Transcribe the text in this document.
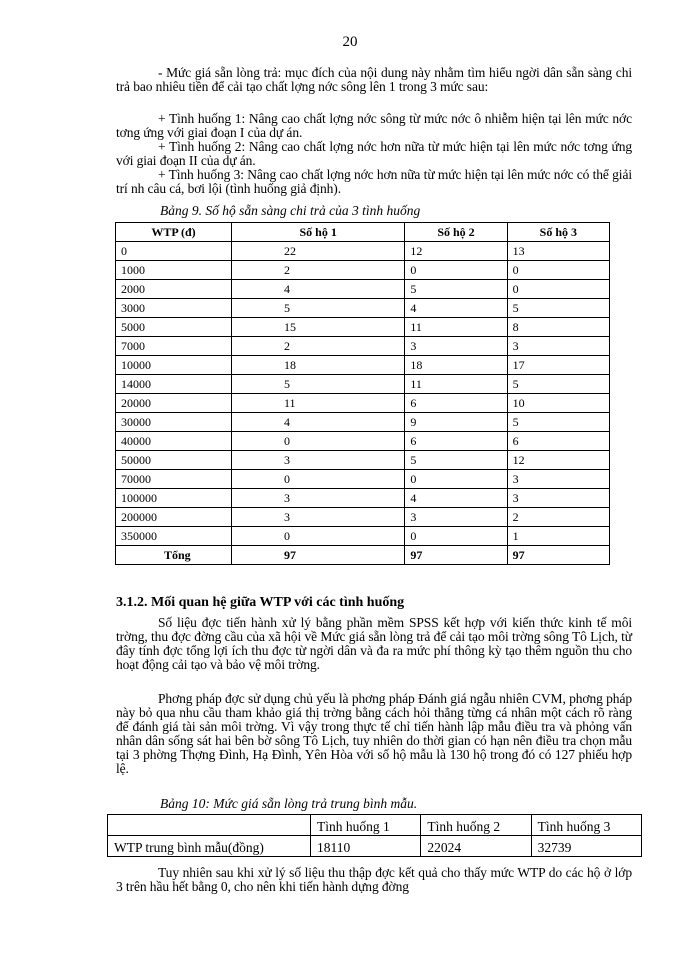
20
- Mức giá sẵn lòng trả: mục đích của nội dung này nhằm tìm hiểu ngời dân sẵn sàng chi trả bao nhiêu tiền để cải tạo chất lợng nớc sông lên 1 trong 3 mức sau:
+ Tình huống 1: Nâng cao chất lợng nớc sông từ mức nớc ô nhiễm hiện tại lên mức nớc tơng ứng với giai đoạn I của dự án.
+ Tình huống 2: Nâng cao chất lợng nớc hơn nữa từ mức hiện tại lên mức nớc tơng ứng với giai đoạn II của dự án.
+ Tình huống 3: Nâng cao chất lợng nớc hơn nữa từ mức hiện tại lên mức nớc có thể giải trí nh câu cá, bơi lội (tình huống giả định).
Bảng 9. Số hộ sẵn sàng chi trả của 3 tình huống
WTP (đ)	Số hộ 1	Số hộ 2	Số hộ 3
0	22	12	13
1000	2	0	0
2000	4	5	0
3000	5	4	5
5000	15	11	8
7000	2	3	3
10000	18	18	17
14000	5	11	5
20000	11	6	10
30000	4	9	5
40000	0	6	6
50000	3	5	12
70000	0	0	3
100000	3	4	3
200000	3	3	2
350000	0	0	1
Tổng	97	97	97
3.1.2. Mối quan hệ giữa WTP với các tình huống
Số liệu đợc tiến hành xử lý bằng phần mềm SPSS kết hợp với kiến thức kinh tế môi trờng, thu đợc đờng cầu của xã hội về Mức giá sẵn lòng trả để cải tạo môi trờng sông Tô Lịch, từ đây tính đợc tổng lợi ích thu đợc từ ngời dân và đa ra mức phí thông kỳ tạo thêm nguồn thu cho hoạt động cải tạo và bảo vệ môi trờng.
Phơng pháp đợc sử dụng chủ yếu là phơng pháp Đánh giá ngẫu nhiên CVM, phơng pháp này bỏ qua nhu cầu tham khảo giá thị trờng bằng cách hỏi thẳng từng cá nhân một cách rõ ràng để đánh giá tài sản môi trờng. Vì vậy trong thực tế chỉ tiến hành lập mẫu điều tra và phỏng vấn nhân dân sống sát hai bên bờ sông Tô Lịch, tuy nhiên do thời gian có hạn nên điều tra chọn mẫu tại 3 phờng Thợng Đình, Hạ Đình, Yên Hòa với số hộ mẫu là 130 hộ trong đó có 127 phiếu hợp lệ.
Bảng 10: Mức giá sẵn lòng trả trung bình mẫu.
	Tình huống 1	Tình huống 2	Tình huống 3
WTP trung bình mẫu(đồng)	18110	22024	32739
Tuy nhiên sau khi xử lý số liệu thu thập đợc kết quả cho thấy mức WTP do các hộ ở lớp 3 trên hầu hết bằng 0, cho nên khi tiến hành dựng đờng
